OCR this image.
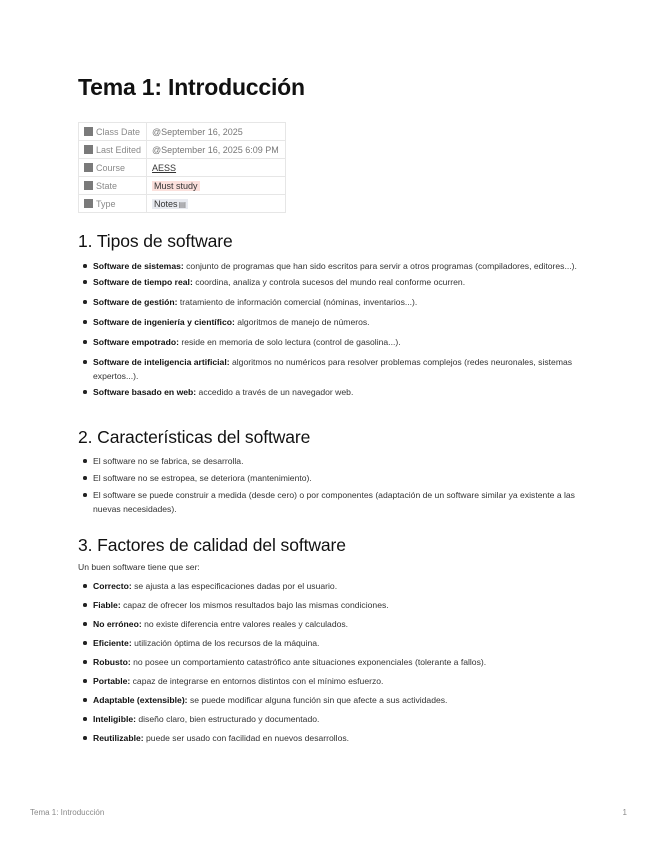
Tema 1: Introducción
Class Date	@September 16, 2025
Last Edited	@September 16, 2025 6:09 PM
Course	AESS
State	Must study
Type	Notes▤
1. Tipos de software
Software de sistemas: conjunto de programas que han sido escritos para servir a otros programas (compiladores, editores...).
Software de tiempo real: coordina, analiza y controla sucesos del mundo real conforme ocurren.
Software de gestión: tratamiento de información comercial (nóminas, inventarios...).
Software de ingeniería y científico: algoritmos de manejo de números.
Software empotrado: reside en memoria de solo lectura (control de gasolina...).
Software de inteligencia artificial: algoritmos no numéricos para resolver problemas complejos (redes neuronales, sistemas expertos...).
Software basado en web: accedido a través de un navegador web.
2. Características del software
El software no se fabrica, se desarrolla.
El software no se estropea, se deteriora (mantenimiento).
El software se puede construir a medida (desde cero) o por componentes (adaptación de un software similar ya existente a las nuevas necesidades).
3. Factores de calidad del software

Un buen software tiene que ser:

Correcto: se ajusta a las especificaciones dadas por el usuario.
Fiable: capaz de ofrecer los mismos resultados bajo las mismas condiciones.
No erróneo: no existe diferencia entre valores reales y calculados.
Eficiente: utilización óptima de los recursos de la máquina.
Robusto: no posee un comportamiento catastrófico ante situaciones exponenciales (tolerante a fallos).
Portable: capaz de integrarse en entornos distintos con el mínimo esfuerzo.
Adaptable (extensible): se puede modificar alguna función sin que afecte a sus actividades.
Inteligible: diseño claro, bien estructurado y documentado.
Reutilizable: puede ser usado con facilidad en nuevos desarrollos.
Tema 1: Introducción	1
